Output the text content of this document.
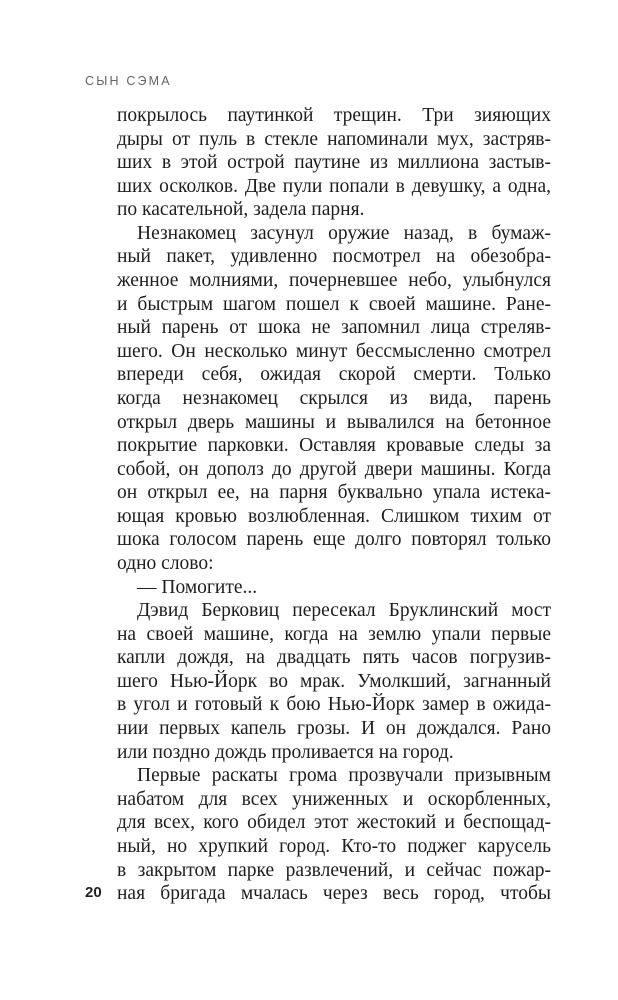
СЫН СЭМА
покрылось паутинкой трещин. Три зияющих
дыры от пуль в стекле напоминали мух, застряв-
ших в этой острой паутине из миллиона застыв-
ших осколков. Две пули попали в девушку, а одна,
по касательной, задела парня.
Незнакомец засунул оружие назад, в бумаж-
ный пакет, удивленно посмотрел на обезобра-
женное молниями, почерневшее небо, улыбнулся
и быстрым шагом пошел к своей машине. Ране-
ный парень от шока не запомнил лица стреляв-
шего. Он несколько минут бессмысленно смотрел
впереди себя, ожидая скорой смерти. Только
когда незнакомец скрылся из вида, парень
открыл дверь машины и вывалился на бетонное
покрытие парковки. Оставляя кровавые следы за
собой, он дополз до другой двери машины. Когда
он открыл ее, на парня буквально упала истека-
ющая кровью возлюбленная. Слишком тихим от
шока голосом парень еще долго повторял только
одно слово:
— Помогите...
Дэвид Берковиц пересекал Бруклинский мост
на своей машине, когда на землю упали первые
капли дождя, на двадцать пять часов погрузив-
шего Нью-Йорк во мрак. Умолкший, загнанный
в угол и готовый к бою Нью-Йорк замер в ожида-
нии первых капель грозы. И он дождался. Рано
или поздно дождь проливается на город.
Первые раскаты грома прозвучали призывным
набатом для всех униженных и оскорбленных,
для всех, кого обидел этот жестокий и беспощад-
ный, но хрупкий город. Кто-то поджег карусель
в закрытом парке развлечений, и сейчас пожар-
ная бригада мчалась через весь город, чтобы
20
